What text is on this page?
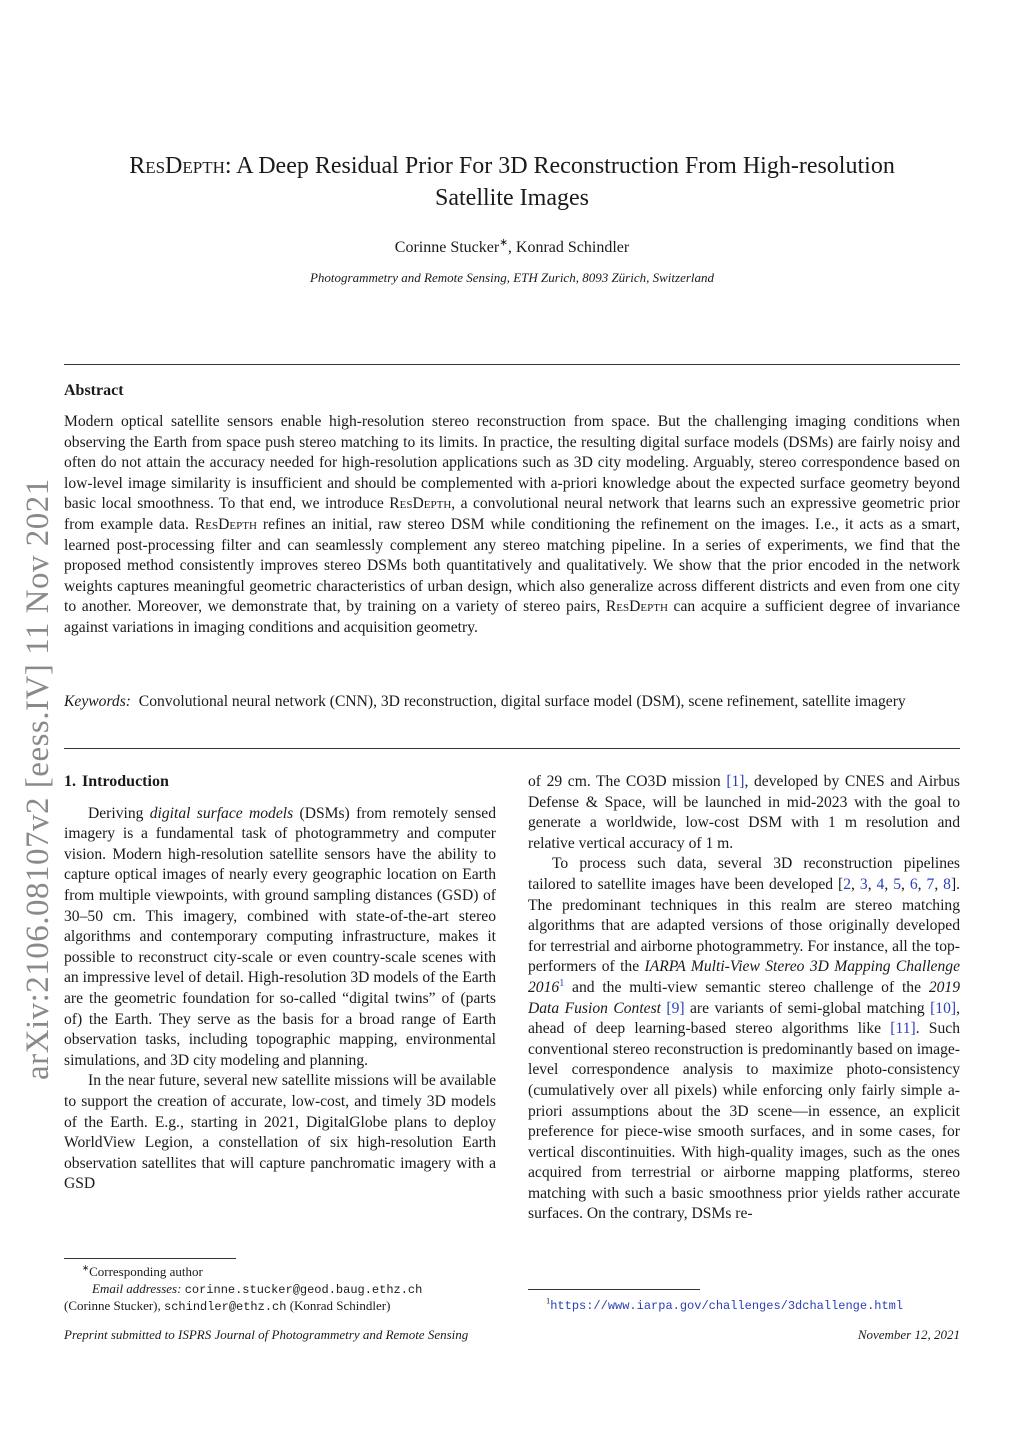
arXiv:2106.08107v2 [eess.IV] 11 Nov 2021
ResDepth: A Deep Residual Prior For 3D Reconstruction From High-resolution
Satellite Images
Corinne Stucker∗, Konrad Schindler
Photogrammetry and Remote Sensing, ETH Zurich, 8093 Zürich, Switzerland
Abstract
Modern optical satellite sensors enable high-resolution stereo reconstruction from space. But the challenging imaging conditions when observing the Earth from space push stereo matching to its limits. In practice, the resulting digital surface models (DSMs) are fairly noisy and often do not attain the accuracy needed for high-resolution applications such as 3D city modeling. Arguably, stereo correspondence based on low-level image similarity is insufficient and should be complemented with a-priori knowledge about the expected surface geometry beyond basic local smoothness. To that end, we introduce ResDepth, a convolutional neural network that learns such an expressive geometric prior from example data. ResDepth refines an initial, raw stereo DSM while conditioning the refinement on the images. I.e., it acts as a smart, learned post-processing filter and can seamlessly complement any stereo matching pipeline. In a series of experiments, we find that the proposed method consistently improves stereo DSMs both quantitatively and qualitatively. We show that the prior encoded in the network weights captures meaningful geometric characteristics of urban design, which also generalize across different districts and even from one city to another. Moreover, we demonstrate that, by training on a variety of stereo pairs, ResDepth can acquire a sufficient degree of invariance against variations in imaging conditions and acquisition geometry.
Keywords: Convolutional neural network (CNN), 3D reconstruction, digital surface model (DSM), scene refinement, satellite imagery
1. Introduction

Deriving digital surface models (DSMs) from remotely sensed imagery is a fundamental task of photogrammetry and computer vision. Modern high-resolution satellite sensors have the ability to capture optical images of nearly every geographic location on Earth from multiple viewpoints, with ground sampling distances (GSD) of 30–50 cm. This imagery, combined with state-of-the-art stereo algorithms and contemporary computing infrastructure, makes it possible to reconstruct city-scale or even country-scale scenes with an impressive level of detail. High-resolution 3D models of the Earth are the geometric foundation for so-called “digital twins” of (parts of) the Earth. They serve as the basis for a broad range of Earth observation tasks, including topographic mapping, environmental simulations, and 3D city modeling and planning.

In the near future, several new satellite missions will be available to support the creation of accurate, low-cost, and timely 3D models of the Earth. E.g., starting in 2021, DigitalGlobe plans to deploy WorldView Legion, a constellation of six high-resolution Earth observation satellites that will capture panchromatic imagery with a GSD

of 29 cm. The CO3D mission [1], developed by CNES and Airbus Defense & Space, will be launched in mid-2023 with the goal to generate a worldwide, low-cost DSM with 1 m resolution and relative vertical accuracy of 1 m.

To process such data, several 3D reconstruction pipelines tailored to satellite images have been developed [2, 3, 4, 5, 6, 7, 8]. The predominant techniques in this realm are stereo matching algorithms that are adapted versions of those originally developed for terrestrial and airborne photogrammetry. For instance, all the top-performers of the IARPA Multi-View Stereo 3D Mapping Challenge 2016$^1$ and the multi-view semantic stereo challenge of the 2019 Data Fusion Contest [9] are variants of semi-global matching [10], ahead of deep learning-based stereo algorithms like [11]. Such conventional stereo reconstruction is predominantly based on image-level correspondence analysis to maximize photo-consistency (cumulatively over all pixels) while enforcing only fairly simple a-priori assumptions about the 3D scene—in essence, an explicit preference for piece-wise smooth surfaces, and in some cases, for vertical discontinuities. With high-quality images, such as the ones acquired from terrestrial or airborne mapping platforms, stereo matching with such a basic smoothness prior yields rather accurate surfaces. On the contrary, DSMs re-

∗Corresponding author
Email addresses: corinne.stucker@geod.baug.ethz.ch
(Corinne Stucker), schindler@ethz.ch (Konrad Schindler)	$^1$https://www.iarpa.gov/challenges/3dchallenge.html
Preprint submitted to ISPRS Journal of Photogrammetry and Remote Sensing	November 12, 2021
